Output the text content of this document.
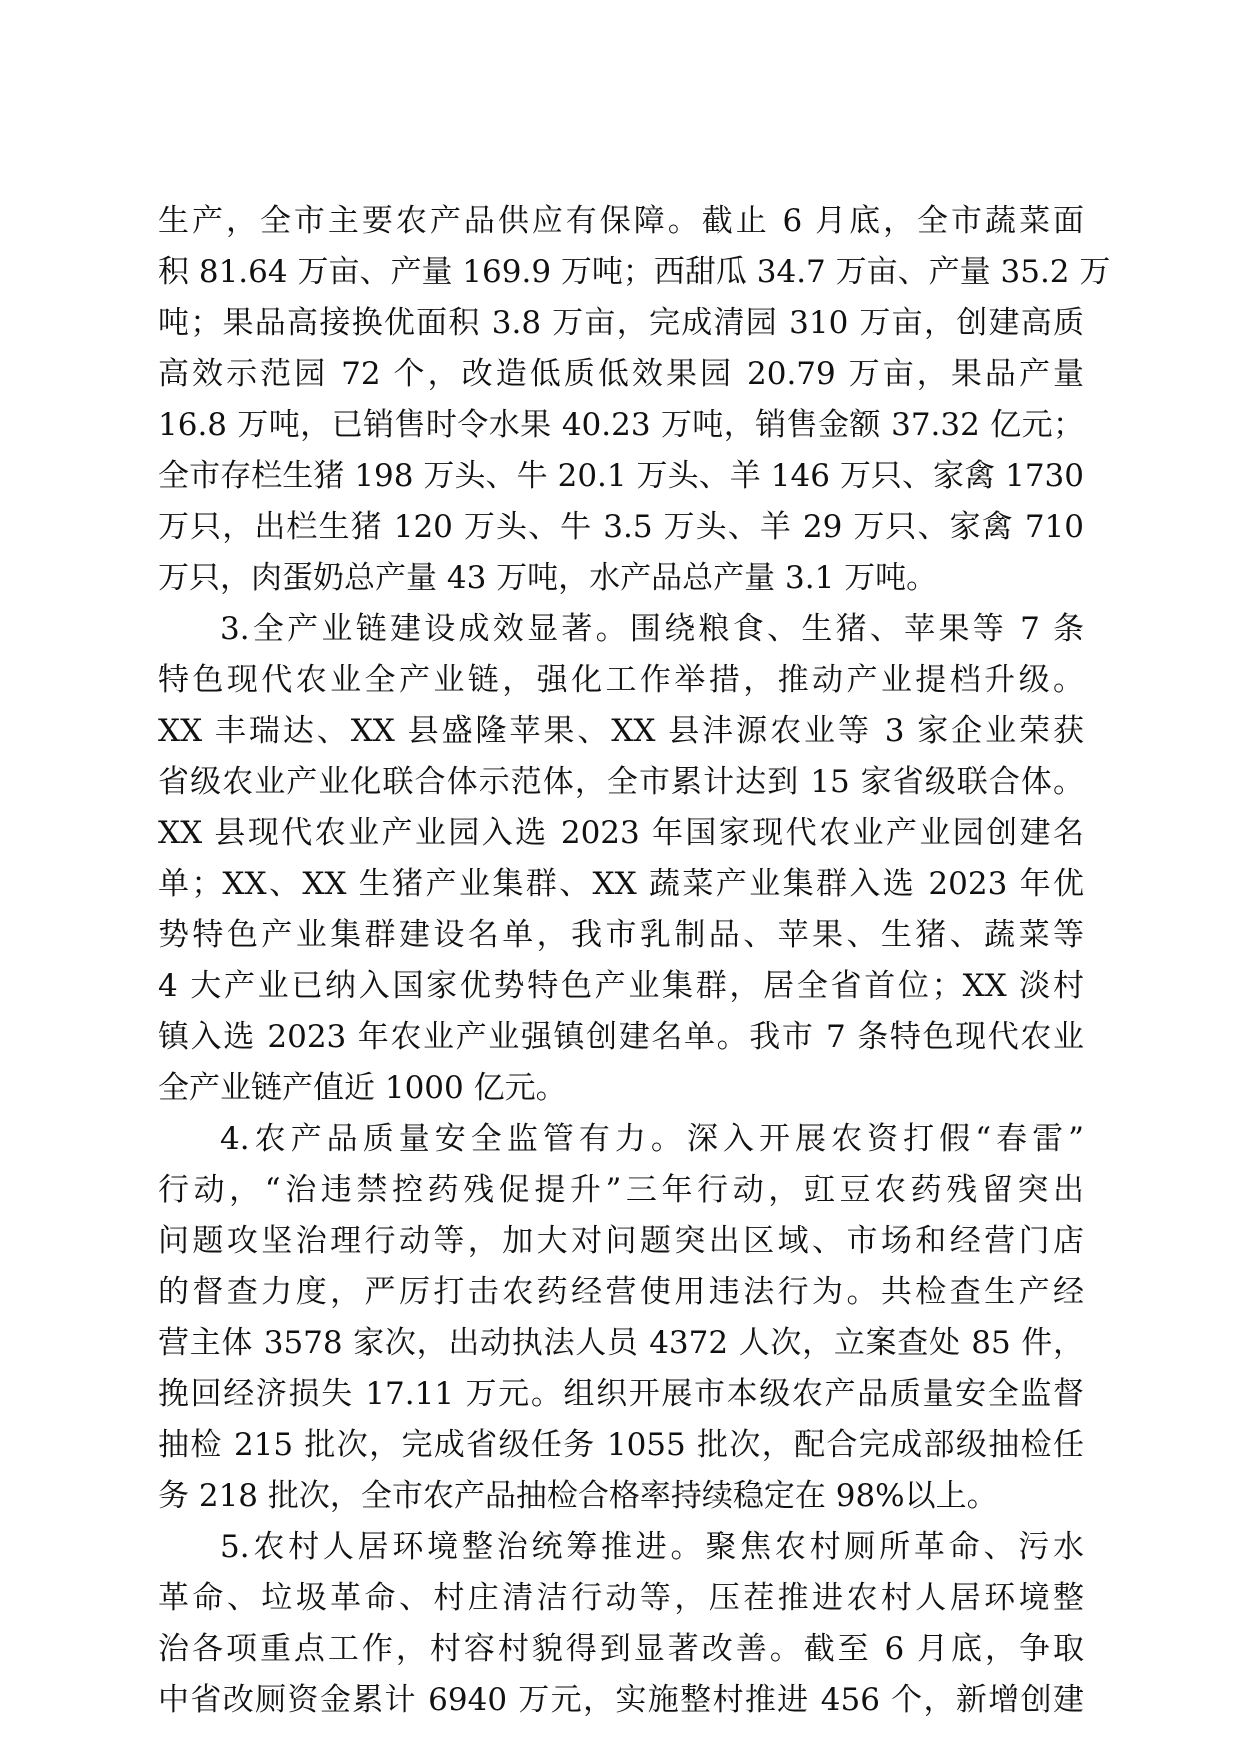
生产，全市主要农产品供应有保障。截止 6 月底，全市蔬菜面
积 81.64 万亩、产量 169.9 万吨；西甜瓜 34.7 万亩、产量 35.2 万
吨；果品高接换优面积 3.8 万亩，完成清园 310 万亩，创建高质
高效示范园 72 个，改造低质低效果园 20.79 万亩，果品产量
16.8 万吨，已销售时令水果 40.23 万吨，销售金额 37.32 亿元；
全市存栏生猪 198 万头、牛 20.1 万头、羊 146 万只、家禽 1730
万只，出栏生猪 120 万头、牛 3.5 万头、羊 29 万只、家禽 710
万只，肉蛋奶总产量 43 万吨，水产品总产量 3.1 万吨。

3.全产业链建设成效显著。围绕粮食、生猪、苹果等 7 条
特色现代农业全产业链，强化工作举措，推动产业提档升级。
XX 丰瑞达、XX 县盛隆苹果、XX 县沣源农业等 3 家企业荣获
省级农业产业化联合体示范体，全市累计达到 15 家省级联合体。
XX 县现代农业产业园入选 2023 年国家现代农业产业园创建名
单；XX、XX 生猪产业集群、XX 蔬菜产业集群入选 2023 年优
势特色产业集群建设名单，我市乳制品、苹果、生猪、蔬菜等
4 大产业已纳入国家优势特色产业集群，居全省首位；XX 淡村
镇入选 2023 年农业产业强镇创建名单。我市 7 条特色现代农业
全产业链产值近 1000 亿元。

4.农产品质量安全监管有力。深入开展农资打假“春雷”
行动，“治违禁控药残促提升”三年行动，豇豆农药残留突出
问题攻坚治理行动等，加大对问题突出区域、市场和经营门店
的督查力度，严厉打击农药经营使用违法行为。共检查生产经
营主体 3578 家次，出动执法人员 4372 人次，立案查处 85 件，
挽回经济损失 17.11 万元。组织开展市本级农产品质量安全监督
抽检 215 批次，完成省级任务 1055 批次，配合完成部级抽检任
务 218 批次，全市农产品抽检合格率持续稳定在 98%以上。

5.农村人居环境整治统筹推进。聚焦农村厕所革命、污水
革命、垃圾革命、村庄清洁行动等，压茬推进农村人居环境整
治各项重点工作，村容村貌得到显著改善。截至 6 月底，争取
中省改厕资金累计 6940 万元，实施整村推进 456 个，新增创建
